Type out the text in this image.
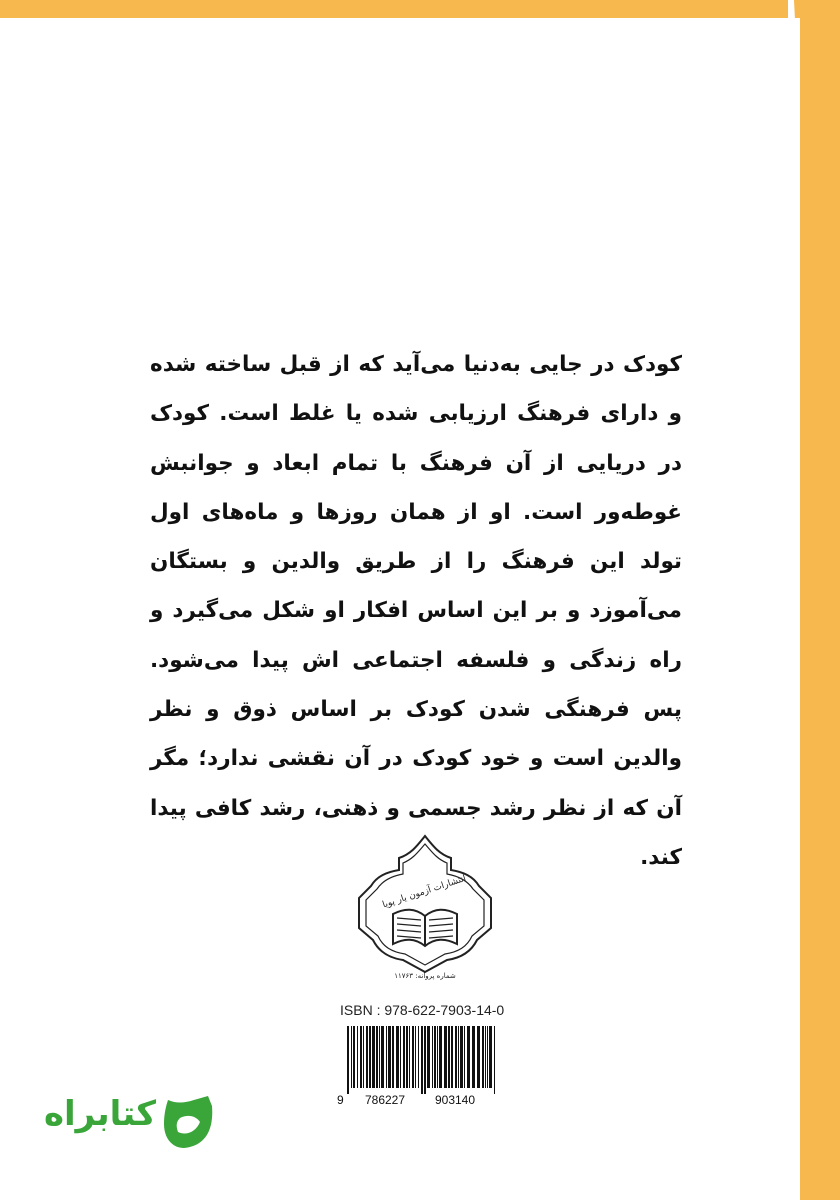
کودک در جایی به‌دنیا می‌آید که از قبل ساخته شده و دارای فرهنگ ارزیابی شده یا غلط است. کودک در دریایی از آن فرهنگ با تمام ابعاد و جوانبش غوطه‌ور است. او از همان روزها و ماه‌های اول تولد این فرهنگ را از طریق والدین و بستگان می‌آموزد و بر این اساس افکار او شکل می‌گیرد و راه زندگی و فلسفه اجتماعی اش پیدا می‌شود. پس فرهنگی شدن کودک بر اساس ذوق و نظر والدین است و خود کودک در آن نقشی ندارد؛ مگر آن که از نظر رشد جسمی و ذهنی، رشد کافی پیدا کند.

انتشارات آزمون یار پویا
شماره پروانه: ۱۱۷۶۳
ISBN : 978-622-7903-14-0
9 786227 903140
کتابراه
